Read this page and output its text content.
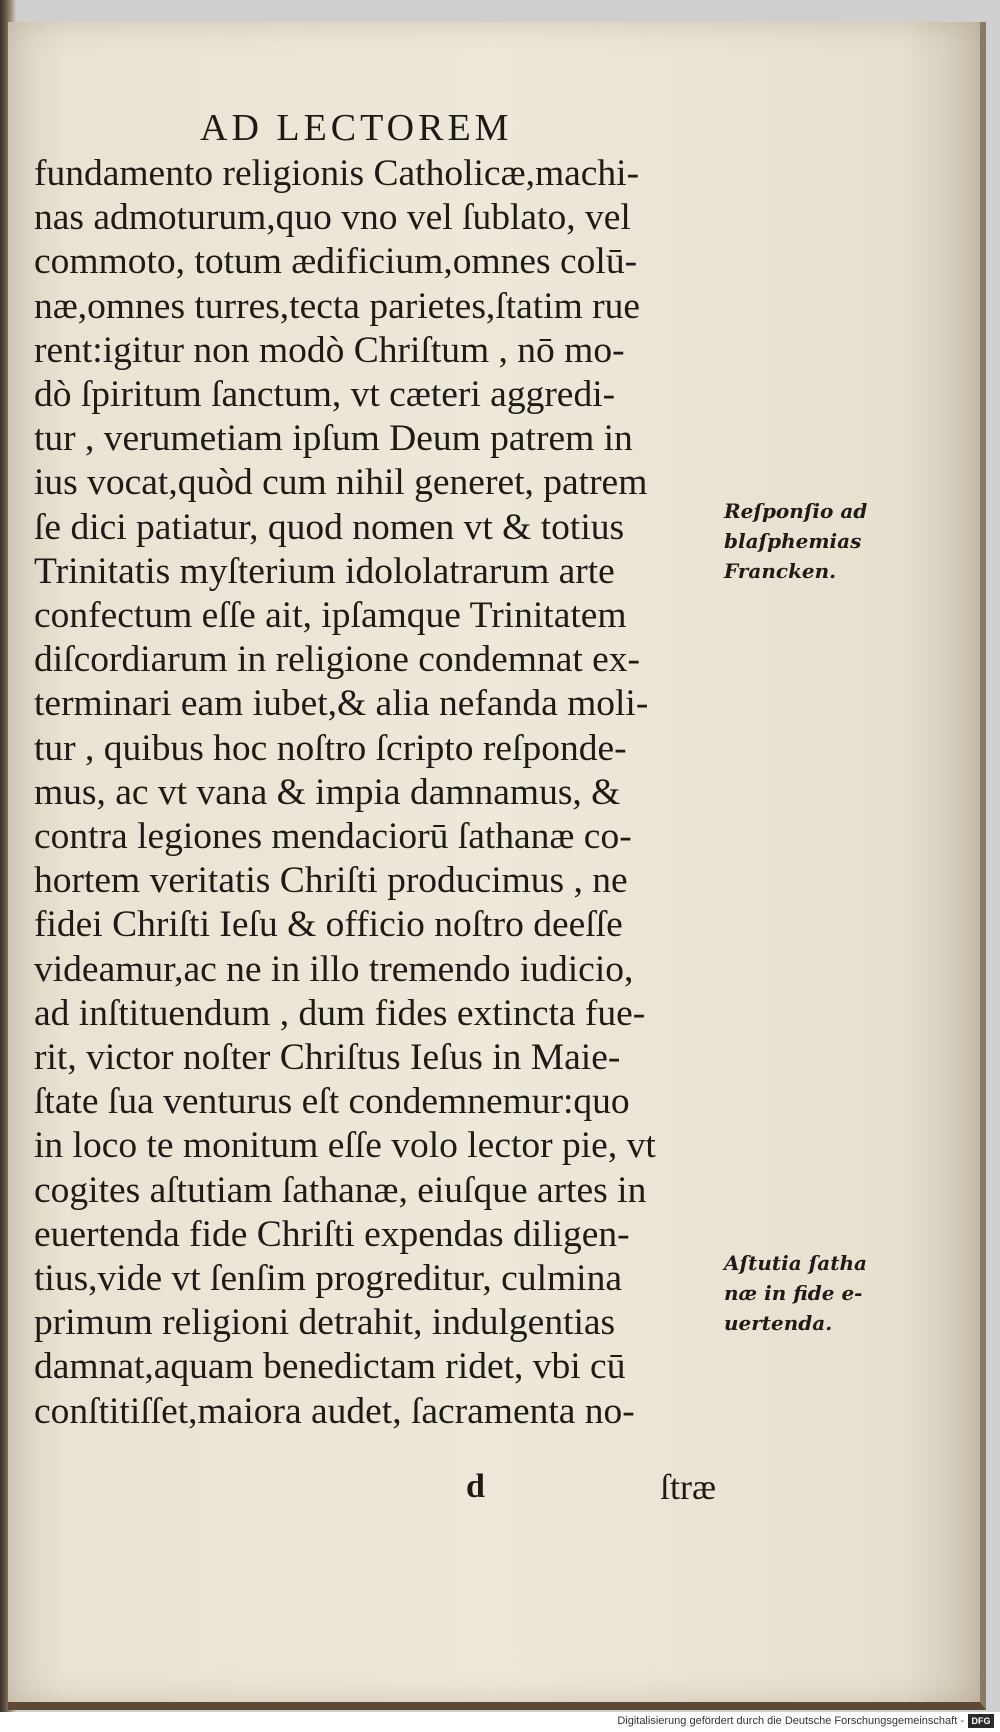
AD LECTOREM
fundamento religionis Catholicæ,machi-
nas admoturum,quo vno vel ſublato, vel
commoto, totum ædificium,omnes colū-
næ,omnes turres,tecta parietes,ſtatim rue
rent:igitur non modò Chriſtum , nō mo-
dò ſpiritum ſanctum, vt cæteri aggredi-
tur , verumetiam ipſum Deum patrem in
ius vocat,quòd cum nihil generet, patrem
ſe dici patiatur, quod nomen vt & totius
Trinitatis myſterium idololatrarum arte
confectum eſſe ait, ipſamque Trinitatem
diſcordiarum in religione condemnat ex-
terminari eam iubet,& alia nefanda moli-
tur , quibus hoc noſtro ſcripto reſponde-
mus, ac vt vana & impia damnamus, &
contra legiones mendaciorū ſathanæ co-
hortem veritatis Chriſti producimus , ne
fidei Chriſti Ieſu & officio noſtro deeſſe
videamur,ac ne in illo tremendo iudicio,
ad inſtituendum , dum fides extincta fue-
rit, victor noſter Chriſtus Ieſus in Maie-
ſtate ſua venturus eſt condemnemur:quo
in loco te monitum eſſe volo lector pie, vt
cogites aſtutiam ſathanæ, eiuſque artes in
euertenda fide Chriſti expendas diligen-
tius,vide vt ſenſim progreditur, culmina
primum religioni detrahit, indulgentias
damnat,aquam benedictam ridet, vbi cū
conſtitiſſet,maiora audet, ſacramenta no-
Reſponſio ad
blaſphemias
Francken.
Aſtutia ſatha
næ in fide e-
uertenda.
d	ſtræ
Digitalisierung gefördert durch die Deutsche Forschungsgemeinschaft - DFG
